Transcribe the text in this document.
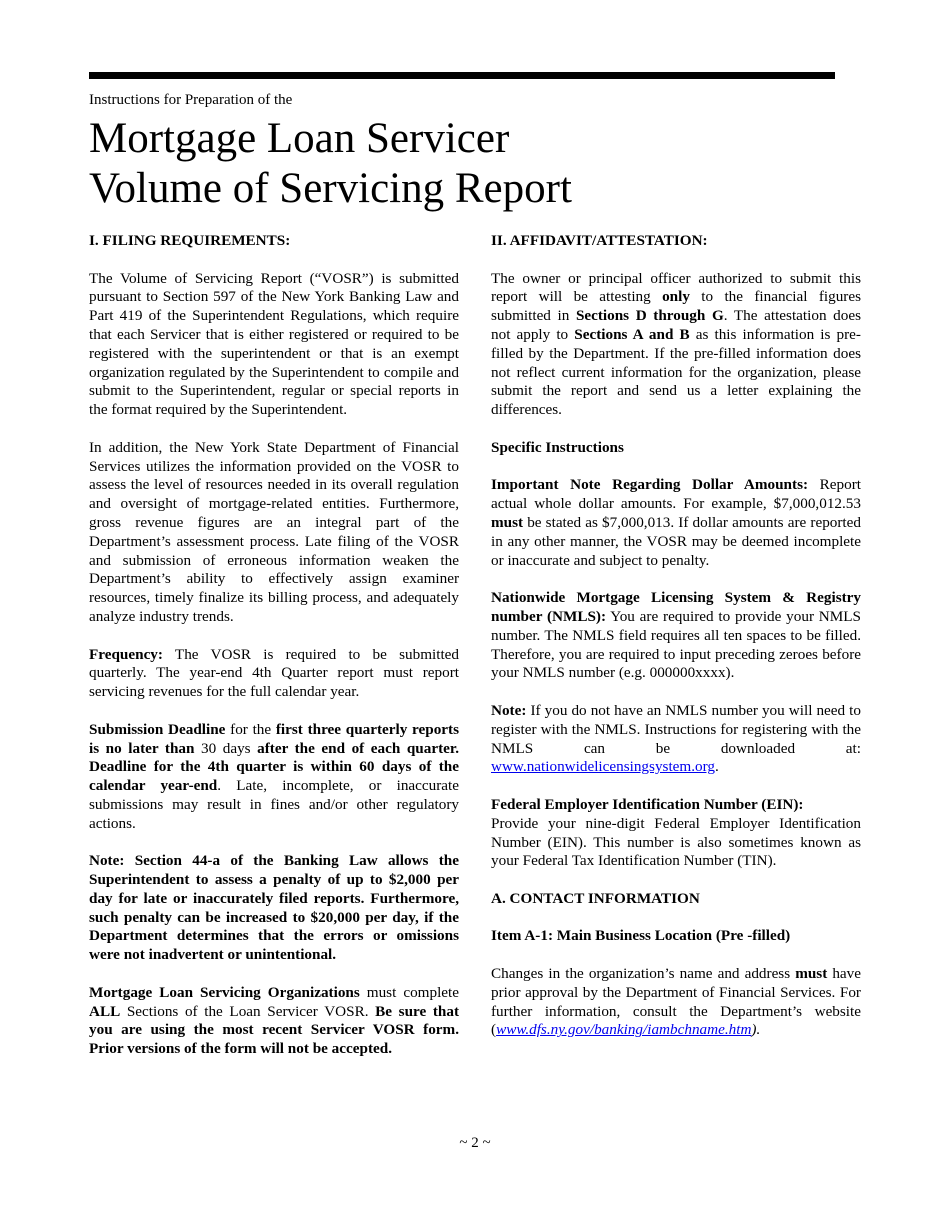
Instructions for Preparation of the
Mortgage Loan Servicer
Volume of Servicing Report
I. FILING REQUIREMENTS:

The Volume of Servicing Report (“VOSR”) is submitted pursuant to Section 597 of the New York Banking Law and Part 419 of the Superintendent Regulations, which require that each Servicer that is either registered or required to be registered with the superintendent or that is an exempt organization regulated by the Superintendent to compile and submit to the Superintendent, regular or special reports in the format required by the Superintendent.

In addition, the New York State Department of Financial Services utilizes the information provided on the VOSR to assess the level of resources needed in its overall regulation and oversight of mortgage-related entities. Furthermore, gross revenue figures are an integral part of the Department’s assessment process. Late filing of the VOSR and submission of erroneous information weaken the Department’s ability to effectively assign examiner resources, timely finalize its billing process, and adequately analyze industry trends.

Frequency: The VOSR is required to be submitted quarterly. The year-end 4th Quarter report must report servicing revenues for the full calendar year.

Submission Deadline for the first three quarterly reports is no later than 30 days after the end of each quarter. Deadline for the 4th quarter is within 60 days of the calendar year-end. Late, incomplete, or inaccurate submissions may result in fines and/or other regulatory actions.

Note: Section 44-a of the Banking Law allows the Superintendent to assess a penalty of up to $2,000 per day for late or inaccurately filed reports. Furthermore, such penalty can be increased to $20,000 per day, if the Department determines that the errors or omissions were not inadvertent or unintentional.

Mortgage Loan Servicing Organizations must complete ALL Sections of the Loan Servicer VOSR. Be sure that you are using the most recent Servicer VOSR form. Prior versions of the form will not be accepted.

II. AFFIDAVIT/ATTESTATION:

The owner or principal officer authorized to submit this report will be attesting only to the financial figures submitted in Sections D through G. The attestation does not apply to Sections A and B as this information is pre-filled by the Department. If the pre-filled information does not reflect current information for the organization, please submit the report and send us a letter explaining the differences.

Specific Instructions

Important Note Regarding Dollar Amounts: Report actual whole dollar amounts. For example, $7,000,012.53 must be stated as $7,000,013. If dollar amounts are reported in any other manner, the VOSR may be deemed incomplete or inaccurate and subject to penalty.

Nationwide Mortgage Licensing System & Registry number (NMLS): You are required to provide your NMLS number. The NMLS field requires all ten spaces to be filled. Therefore, you are required to input preceding zeroes before your NMLS number (e.g. 000000xxxx).

Note: If you do not have an NMLS number you will need to register with the NMLS. Instructions for registering with the NMLS can be downloaded at: www.nationwidelicensingsystem.org.

Federal Employer Identification Number (EIN):
Provide your nine-digit Federal Employer Identification Number (EIN). This number is also sometimes known as your Federal Tax Identification Number (TIN).

A. CONTACT INFORMATION
Item A-1: Main Business Location (Pre -filled)

Changes in the organization’s name and address must have prior approval by the Department of Financial Services. For further information, consult the Department’s website (www.dfs.ny.gov/banking/iambchname.htm).

~ 2 ~
